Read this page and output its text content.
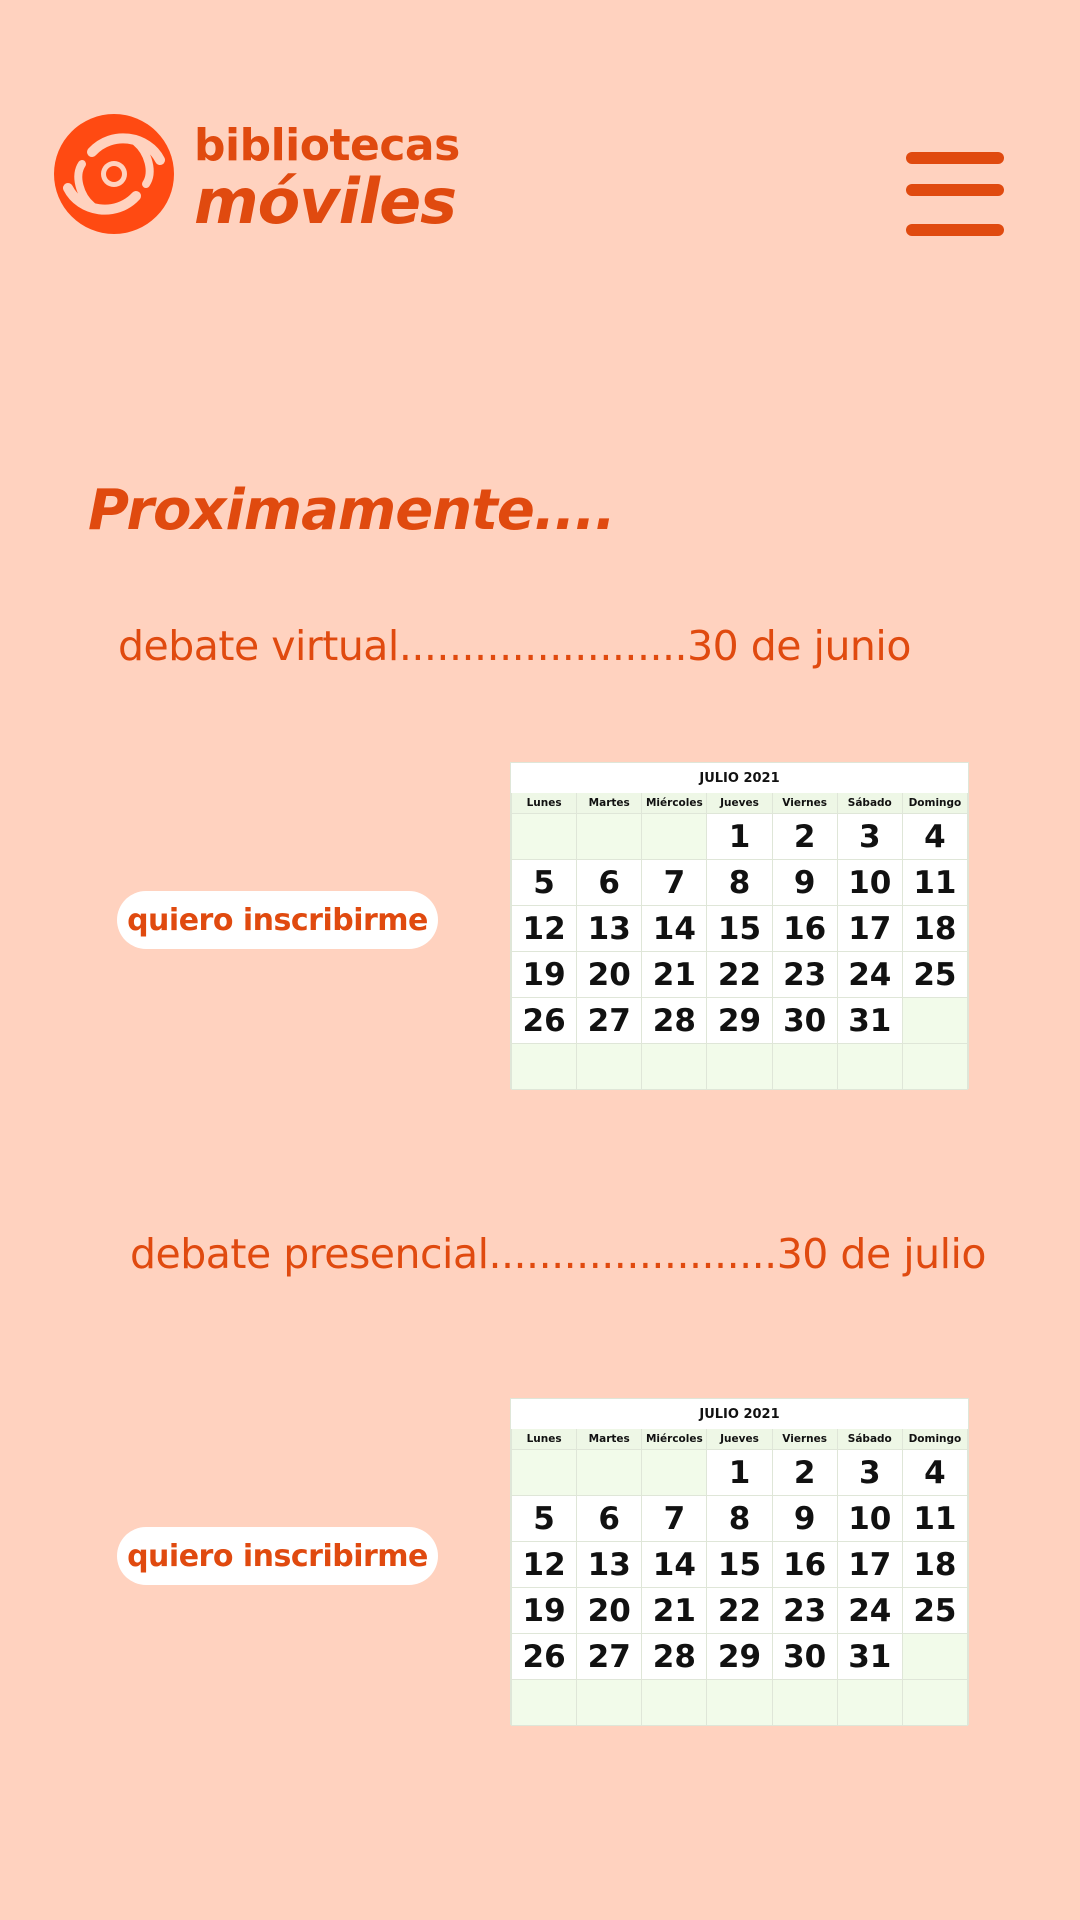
bibliotecas
móviles
Proximamente....
debate virtual.......................30 de junio
quiero inscribirme
JULIO 2021
Lunes	Martes	Miércoles	Jueves	Viernes	Sábado	Domingo
			1	2	3	4
5	6	7	8	9	10	11
12	13	14	15	16	17	18
19	20	21	22	23	24	25
26	27	28	29	30	31	

debate presencial.......................30 de julio
quiero inscribirme
JULIO 2021
Lunes	Martes	Miércoles	Jueves	Viernes	Sábado	Domingo
			1	2	3	4
5	6	7	8	9	10	11
12	13	14	15	16	17	18
19	20	21	22	23	24	25
26	27	28	29	30	31	
